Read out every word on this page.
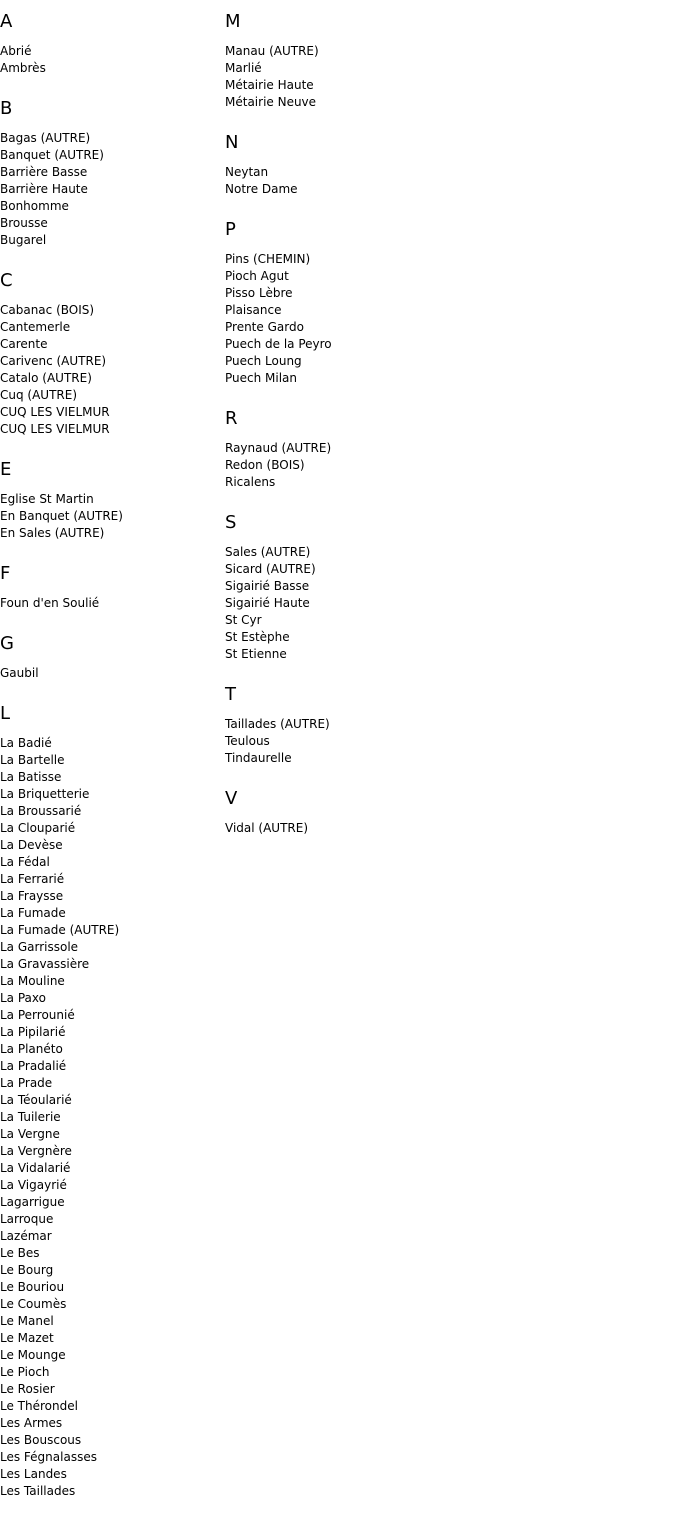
A
Abrié
Ambrès
B
Bagas (AUTRE)
Banquet (AUTRE)
Barrière Basse
Barrière Haute
Bonhomme
Brousse
Bugarel
C
Cabanac (BOIS)
Cantemerle
Carente
Carivenc (AUTRE)
Catalo (AUTRE)
Cuq (AUTRE)
CUQ LES VIELMUR
CUQ LES VIELMUR
E
Eglise St Martin
En Banquet (AUTRE)
En Sales (AUTRE)
F
Foun d'en Soulié
G
Gaubil
L
La Badié
La Bartelle
La Batisse
La Briquetterie
La Broussarié
La Clouparié
La Devèse
La Fédal
La Ferrarié
La Fraysse
La Fumade
La Fumade (AUTRE)
La Garrissole
La Gravassière
La Mouline
La Paxo
La Perrounié
La Pipilarié
La Planéto
La Pradalié
La Prade
La Téoularié
La Tuilerie
La Vergne
La Vergnère
La Vidalarié
La Vigayrié
Lagarrigue
Larroque
Lazémar
Le Bes
Le Bourg
Le Bouriou
Le Coumès
Le Manel
Le Mazet
Le Mounge
Le Pioch
Le Rosier
Le Thérondel
Les Armes
Les Bouscous
Les Fégnalasses
Les Landes
Les Taillades
M
Manau (AUTRE)
Marlié
Métairie Haute
Métairie Neuve
N
Neytan
Notre Dame
P
Pins (CHEMIN)
Pioch Agut
Pisso Lèbre
Plaisance
Prente Gardo
Puech de la Peyro
Puech Loung
Puech Milan
R
Raynaud (AUTRE)
Redon (BOIS)
Ricalens
S
Sales (AUTRE)
Sicard (AUTRE)
Sigairié Basse
Sigairié Haute
St Cyr
St Estèphe
St Etienne
T
Taillades (AUTRE)
Teulous
Tindaurelle
V
Vidal (AUTRE)
